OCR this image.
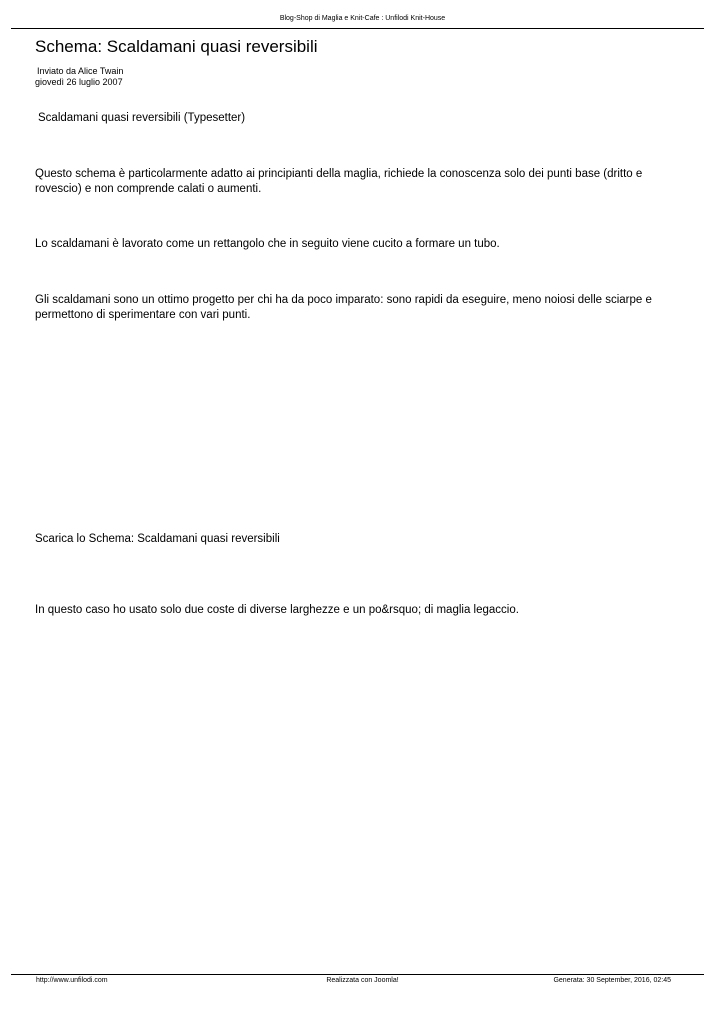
Blog-Shop di Maglia e Knit-Cafe : Unfilodi Knit-House
Schema: Scaldamani quasi reversibili
Inviato da Alice Twain
giovedì 26 luglio 2007
Scaldamani quasi reversibili (Typesetter)

Questo schema è particolarmente adatto ai principianti della maglia, richiede la conoscenza solo dei punti base (dritto e rovescio) e non comprende calati o aumenti.

Lo scaldamani è lavorato come un rettangolo che in seguito viene cucito a formare un tubo.

Gli scaldamani sono un ottimo progetto per chi ha da poco imparato: sono rapidi da eseguire, meno noiosi delle sciarpe e permettono di sperimentare con vari punti.

Scarica lo Schema: Scaldamani quasi reversibili

In questo caso ho usato solo due coste di diverse larghezze e un po&rsquo; di maglia legaccio.

http://www.unfilodi.com	Realizzata con Joomla!	Generata: 30 September, 2016, 02:45
